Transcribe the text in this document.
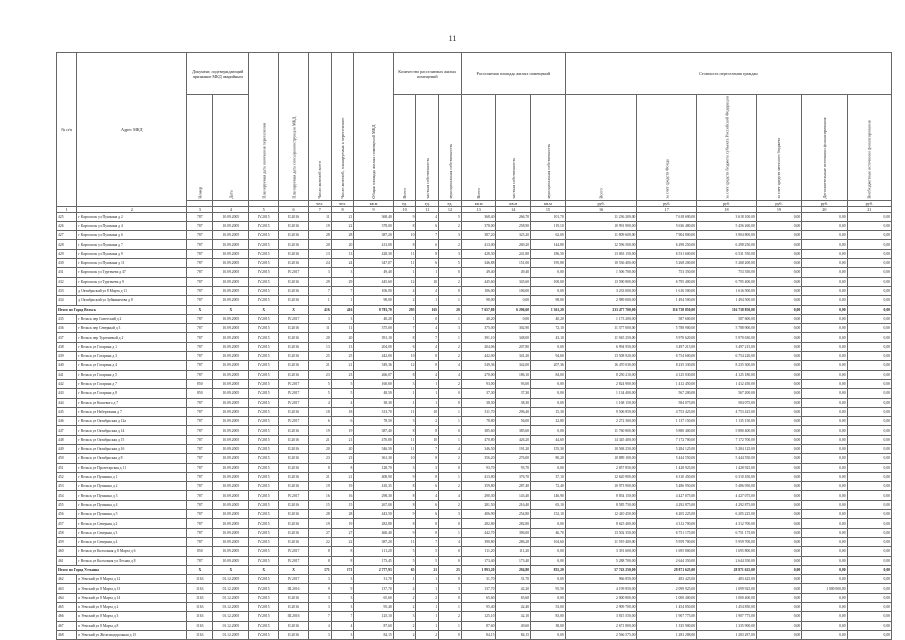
11
№ п/п	Адрес МКД	Документ, подтверждающий признание МКД аварийным		Планируемая дата окончания переселения	Планируемая дата сноса/реконструкции МКД	Число жителей всего	Число жителей, планируемых к переселению	Общая площадь жилых помещений МКД	Количество расселяемых жилых помещений			Расселяемая площадь жилых помещений			Стоимость переселения граждан					
		Номер	Дата						Всего	частная собственность	муниципальная собственность	Всего	частная собственность	муниципальная собственность	Всего	за счет средств Фонда	за счет средств бюджета субъекта Российской Федерации	за счет средств местного бюджета	Дополнительные источники финансирования	Внебюджетные источники финансирования
						чел.	чел.	кв.м	ед.	ед.	ед.	кв.м	кв.м	кв.м	руб.	руб.	руб.	руб.	руб.	руб.
1	2	3	4	5	6	7	8	9	10	11	12	13	14	15	16	17	18	19	20	21
425	г Каргополь ул Пушкина д 2	787	10.09.2005	IV.2015	II.2016	11	21	368,40	9	4	5	368,40	266,70	101,70	11 236 200,00	7 618 690,00	3 618 100,00	0,00	0,00	0,00
426	г Каргополь ул Пушкина д 4	787	10.09.2005	IV.2015	II.2016	19	22	378,00	8	6	2	378,00	258,90	119,10	10 991 900,00	5 636 480,00	5 456 260,00	0,00	0,00	0,00
427	г Каргополь ул Пушкина д 6	787	10.09.2005	IV.2015	II.2016	28	28	387,20	10	7	3	387,20	325,20	62,00	11 809 600,00	7 904 800,00	3 904 800,00	0,00	0,00	0,00
428	г Каргополь ул Пушкина д 7	787	10.09.2005	IV.2015	II.2016	20	20	413,00	8	6	2	413,00	269,20	144,80	12 596 500,00	6 298 250,00	6 298 250,00	0,00	0,00	0,00
429	г Каргополь ул Пушкина д 9	787	10.09.2005	IV.2015	II.2016	13	13	428,30	11	8	3	428,30	241,80	186,50	13 063 150,00	6 531 600,00	6 531 550,00	0,00	0,00	0,00
430	г Каргополь ул Пушкина д 11	787	10.09.2005	IV.2015	II.2016	24	24	347,07	11	6	5	346,88	151,00	195,88	10 536 400,00	5 268 200,00	5 268 200,00	0,00	0,00	0,00
431	г Каргополь ул Тургенева д 47	787	10.09.2005	IV.2015	IV.2017	3	3	49,40	1	1	0	49,40	49,40	0,00	1 506 700,00	753 350,00	753 350,00	0,00	0,00	0,00
432	г Каргополь ул Тургенева д 9	787	10.09.2005	IV.2015	II.2016	29	29	445,60	12	10	2	445,60	345,60	100,00	13 590 800,00	6 795 400,00	6 795 400,00	0,00	0,00	0,00
433	д Октябрьский ул 8 Марта д 11	787	10.09.2005	IV.2015	II.2016	7	7	106,00	4	4	0	106,00	106,00	0,00	3 233 000,00	1 616 500,00	1 616 500,00	0,00	0,00	0,00
434	д Октябрьский ул Зуйкиничева д 8	787	10.09.2005	IV.2015	II.2016	1	1	98,00	2	1	1	98,00	0,00	98,00	2 989 000,00	1 494 500,00	1 494 500,00	0,00	0,00	0,00
Итого по Город Вельск		X	X	X	X	416	416	8 783,70	295	165	20	7 657,80	6 296,60	1 361,20	233 477 700,00	116 738 850,00	116 738 850,00	0,00	0,00	0,00
435	г Вельск пер Советский д 2	787	10.09.2005	IV.2015	IV.2017	3	3	40,20	1	0	1	40,20	0,00	40,20	1 173 200,00	587 600,00	587 600,00	0,00	0,00	0,00
436	г Вельск пер Северный д 3	787	10.09.2005	IV.2015	II.2016	11	11	375,00	7	4	3	375,00	302,90	72,10	11 377 000,00	5 788 900,00	5 788 900,00	0,00	0,00	0,00
437	г Вельск пер Тургеневый д 2	787	10.09.2005	IV.2015	II.2016	20	20	391,10	8	7	1	391,10	348,00	43,10	11 945 250,00	5 970 620,00	5 970 630,00	0,00	0,00	0,00
438	г Вельск ул Гагарина д 1	787	10.09.2005	IV.2015	II.2016	13	13	204,00	6	4	2	204,06	207,80	0,00	6 994 950,00	3 497 215,00	3 497 215,00	0,00	0,00	0,00
439	г Вельск ул Гагарина д 3	787	10.09.2005	IV.2015	II.2016	25	25	442,00	10	8	2	442,00	341,20	94,60	13 508 920,00	6 754 600,00	6 754 220,00	0,00	0,00	0,00
440	г Вельск ул Гагарина д 4	787	10.09.2005	IV.2015	II.2016	21	21	549,36	12	8	4	549,36	342,00	207,36	16 470 030,00	8 235 330,00	8 235 300,00	0,00	0,00	0,00
441	г Вельск ул Гагарина д 5	787	10.09.2005	IV.2015	II.2016	23	23	266,07	8	4	4	270,00	186,10	84,00	8 250 210,00	4 125 030,00	4 125 180,00	0,00	0,00	0,00
442	г Вельск ул Гагарина д 7	850	10.09.2005	IV.2015	IV.2017	5	5	160,00	3	1	2	93,00	93,00	0,00	2 824 900,00	1 412 450,00	1 412 450,00	0,00	0,00	0,00
443	г Вельск ул Гагарина д 8	850	10.09.2005	IV.2015	IV.2017	5	5	48,50	1	1	0	37,30	37,30	0,00	1 134 400,00	567 200,00	567 200,00	0,00	0,00	0,00
444	г Вельск ул Кошевого д 7	787	10.09.2005	IV.2015	IV.2017	4	4	38,30	1	1	0	38,30	38,30	0,00	1 168 150,00	584 075,00	584 075,00	0,00	0,00	0,00
445	г Вельск ул Набережная д 7	787	10.09.2005	IV.2015	II.2016	18	18	313,70	11	10	1	311,70	296,40	15,30	9 506 850,00	4 753 425,00	4 753 425,00	0,00	0,00	0,00
446	г Вельск ул Октябрьская д 12а	787	10.09.2005	IV.2015	IV.2017	6	6	78,50	3	2	1	78,80	56,00	22,80	2 272 300,00	1 137 150,00	1 135 150,00	0,00	0,00	0,00
447	г Вельск ул Октябрьская д 14	787	10.09.2005	IV.2015	II.2016	19	19	387,40	8	8	0	385,60	385,60	0,00	11 760 800,00	5 880 400,00	5 880 400,00	0,00	0,00	0,00
448	г Вельск ул Октябрьская д 15	787	10.09.2005	IV.2015	II.2016	21	21	470,80	11	10	1	470,80	426,20	44,60	14 345 400,00	7 172 700,00	7 172 700,00	0,00	0,00	0,00
449	г Вельск ул Октябрьская д 16	787	10.09.2005	IV.2015	II.2016	20	20	346,50	11	7	4	346,50	191,20	155,30	10 568 250,00	5 284 125,00	5 284 125,00	0,00	0,00	0,00
450	г Вельск ул Октябрьская д 8	787	10.09.2005	IV.2015	II.2016	23	23	361,30	10	8	2	356,20	276,00	80,20	10 889 100,00	5 444 550,00	5 444 550,00	0,00	0,00	0,00
451	г Вельск ул Пролетарская д 11	787	10.09.2005	IV.2015	II.2016	8	8	128,70	3	3	0	93,70	93,70	0,00	2 857 850,00	1 428 925,00	1 428 925,00	0,00	0,00	0,00
452	г Вельск ул Пушкина д 1	787	10.09.2005	IV.2015	II.2016	21	21	408,90	9	8	1	413,80	376,70	37,10	12 620 900,00	6 310 450,00	6 310 450,00	0,00	0,00	0,00
453	г Вельск ул Пушкина д 2	787	10.09.2005	IV.2015	II.2016	19	19	410,35	8	6	2	359,80	287,40	72,40	10 973 900,00	5 486 950,00	5 486 950,00	0,00	0,00	0,00
454	г Вельск ул Пушкина д 3	787	10.09.2005	IV.2015	IV.2017	16	16	298,30	8	4	4	290,30	143,40	146,90	8 854 150,00	4 427 075,00	4 427 075,00	0,00	0,00	0,00
455	г Вельск ул Пушкина д 4	787	10.09.2005	IV.2015	II.2016	15	15	267,00	8	6	2	281,50	216,40	65,10	8 585 750,00	4 292 875,00	4 292 875,00	0,00	0,00	0,00
456	г Вельск ул Пушкина д 5	787	10.09.2005	IV.2015	II.2016	28	28	443,50	9	6	3	406,90	254,80	152,10	12 410 450,00	6 205 225,00	6 205 225,00	0,00	0,00	0,00
457	г Вельск ул Северная д 2	787	10.09.2005	IV.2015	II.2016	19	19	282,80	8	8	0	282,80	282,80	0,00	8 625 400,00	4 312 700,00	4 312 700,00	0,00	0,00	0,00
458	г Вельск ул Северная д 3	787	10.09.2005	IV.2015	II.2016	27	27	460,40	9	8	1	442,70	396,00	46,70	13 502 350,00	6 751 175,00	6 751 175,00	0,00	0,00	0,00
459	г Вельск ул Северная д 4	787	10.09.2005	IV.2015	II.2016	22	22	387,20	11	7	4	390,80	286,20	104,60	11 919 400,00	5 959 700,00	5 959 700,00	0,00	0,00	0,00
460	г Вельск ул Колхозная д 8 Марта д 6	850	10.09.2005	IV.2015	IV.2017	8	8	111,20	5	5	0	111,20	111,20	0,00	3 391 600,00	1 695 800,00	1 695 800,00	0,00	0,00	0,00
461	г Вельск ул Колхозная ул Лесная д 8	787	10.09.2005	IV.2015	IV.2017	8	8	173,45	5	5	0	173,40	173,40	0,00	5 288 700,00	2 644 350,00	2 644 350,00	0,00	0,00	0,00
Итого по Город Устьяны		X	X	X	X	171	171	2 777,93	65	21	25	1 893,20	294,80	835,20	57 743 250,00	28 871 625,00	28 871 625,00	0,00	0,00	0,00
462	п Уемский ул 8 Марта д 12	1163	01.12.2005	IV.2015	IV.2017	3	3	31,70	1	1	0	31,70	31,70	0,00	966 850,00	483 425,00	483 425,00	0,00	0,00	0,00
463	п Уемский ул 8 Марта д 13	1163	01.12.2005	IV.2015	III.2016	9	9	137,70	4	1	3	137,70	42,20	95,50	4 199 850,00	2 099 925,00	1 099 925,00	0,00	1 000 000,00	0,00
464	п Уемский ул 8 Марта д 14	1163	01.12.2005	IV.2015	II.2016	3	3	65,60	2	2	0	65,60	65,60	0,00	2 000 800,00	1 000 400,00	1 000 400,00	0,00	0,00	0,00
465	п Уемский ул 8 Марта д 2	1163	01.12.2005	IV.2015	II.2016	3	3	95,40	2	1	1	95,40	42,40	53,00	2 909 700,00	1 454 850,00	1 454 850,00	0,00	0,00	0,00
466	п Уемский ул 8 Марта д 3	1163	01.12.2005	IV.2015	III.2016	7	7	125,10	3	1	2	125,10	42,10	83,00	3 815 550,00	1 907 775,00	1 907 775,00	0,00	0,00	0,00
467	п Уемский ул 8 Марта д 8	1163	01.12.2005	IV.2015	II.2016	4	4	87,60	2	1	1	87,60	49,60	38,00	2 671 800,00	1 335 900,00	1 335 900,00	0,00	0,00	0,00
468	п Уемский ул Железнодорожная д 15	1163	01.12.2005	IV.2015	II.2016	3	3	84,15	2	2	0	84,15	84,15	0,00	2 566 575,00	1 283 288,00	1 283 287,00	0,00	0,00	0,00
